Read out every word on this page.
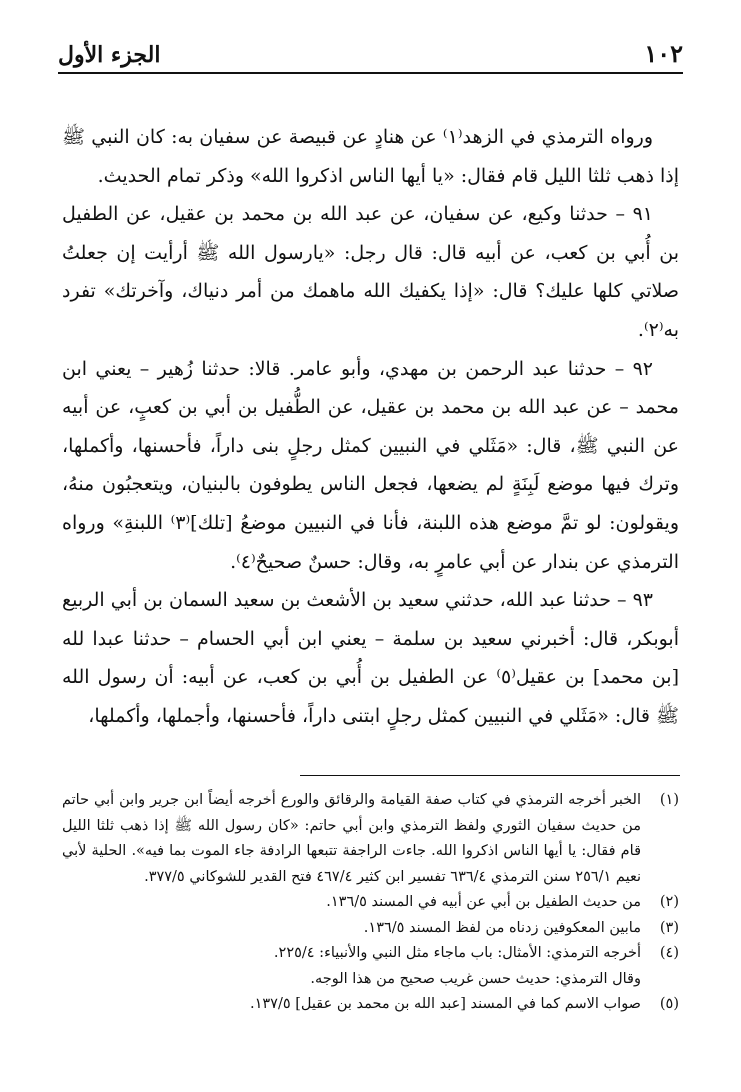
الجزء الأول	١٠٢

ورواه الترمذي في الزهد⁽١⁾ عن هنادٍ عن قبيصة عن سفيان به: كان النبي ﷺ إذا ذهب ثلثا الليل قام فقال: «يا أيها الناس اذكروا الله» وذكر تمام الحديث.

٩١ – حدثنا وكيع، عن سفيان، عن عبد الله بن محمد بن عقيل، عن الطفيل بن أُبي بن كعب، عن أبيه قال: قال رجل: «يارسول الله ﷺ أرأيت إن جعلتُ صلاتي كلها عليك؟ قال: «إذا يكفيك الله ماهمك من أمر دنياك، وآخرتك» تفرد به⁽٢⁾.

٩٢ – حدثنا عبد الرحمن بن مهدي، وأبو عامر. قالا: حدثنا زُهير – يعني ابن محمد – عن عبد الله بن محمد بن عقيل، عن الطُّفيل بن أبي بن كعبٍ، عن أبيه عن النبي ﷺ، قال: «مَثَلي في النبيين كمثل رجلٍ بنى داراً، فأحسنها، وأكملها، وترك فيها موضع لَبِنَةٍ لم يضعها، فجعل الناس يطوفون بالبنيان، ويتعجبُون منهُ، ويقولون: لو تمَّ موضع هذه اللبنة، فأنا في النبيين موضعُ [تلك]⁽٣⁾ اللبنةِ» ورواه الترمذي عن بندار عن أبي عامرٍ به، وقال: حسنٌ صحيحٌ⁽٤⁾.

٩٣ – حدثنا عبد الله، حدثني سعيد بن الأشعث بن سعيد السمان بن أبي الربيع أبوبكر، قال: أخبرني سعيد بن سلمة – يعني ابن أبي الحسام – حدثنا عبدا لله [بن محمد] بن عقيل⁽٥⁾ عن الطفيل بن أُبي بن كعب، عن أبيه: أن رسول الله ﷺ قال: «مَثَلي في النبيين كمثل رجلٍ ابتنى داراً، فأحسنها، وأجملها، وأكملها،

(١)
الخبر أخرجه الترمذي في كتاب صفة القيامة والرقائق والورع أخرجه أيضاً ابن جرير وابن أبي حاتم من حديث سفيان الثوري ولفظ الترمذي وابن أبي حاتم: «كان رسول الله ﷺ إذا ذهب ثلثا الليل قام فقال: يا أيها الناس اذكروا الله. جاءت الراجفة تتبعها الرادفة جاء الموت بما فيه». الحلية لأبي نعيم ٢٥٦/١ سنن الترمذي ٦٣٦/٤ تفسير ابن كثير ٤٦٧/٤ فتح القدير للشوكاني ٣٧٧/٥.
(٢)
من حديث الطفيل بن أبي عن أبيه في المسند ١٣٦/٥.
(٣)
مابين المعكوفين زدناه من لفظ المسند ١٣٦/٥.
(٤)
أخرجه الترمذي: الأمثال: باب ماجاء مثل النبي والأنبياء: ٢٢٥/٤.
وقال الترمذي: حديث حسن غريب صحيح من هذا الوجه.
(٥)
صواب الاسم كما في المسند [عبد الله بن محمد بن عقيل] ١٣٧/٥.
